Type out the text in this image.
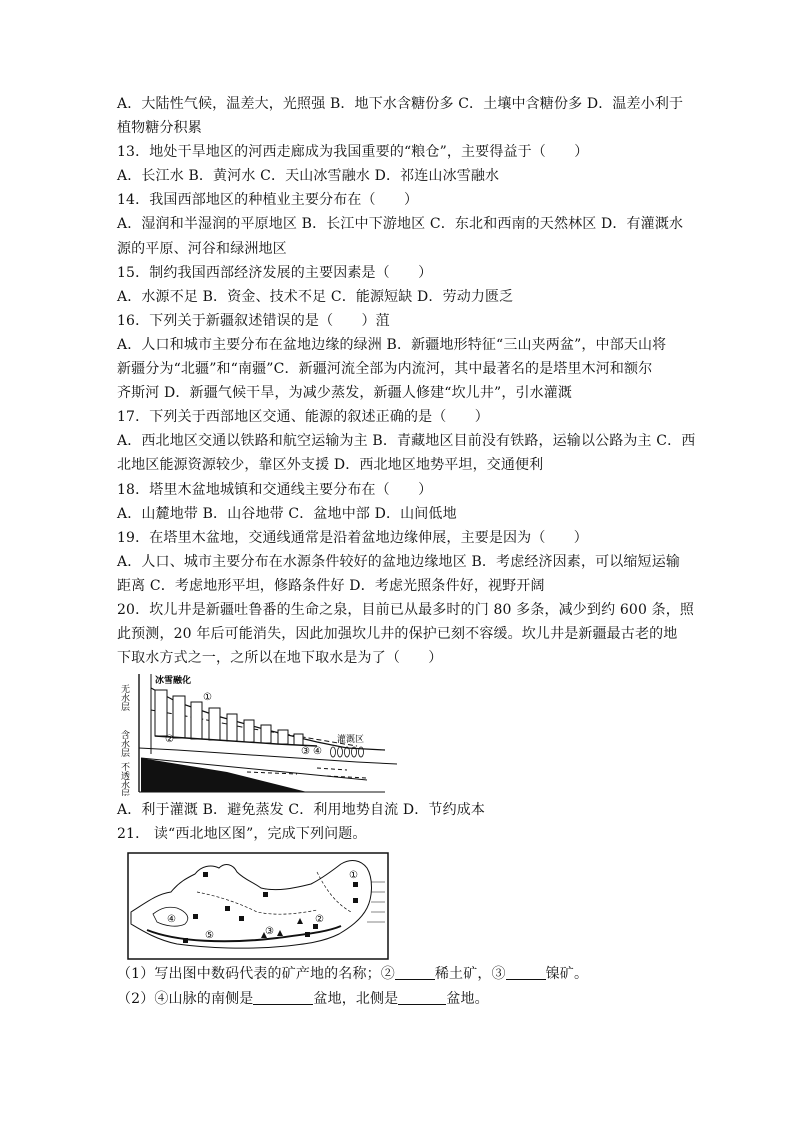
A．大陆性气候，温差大，光照强 B．地下水含糖份多 C．土壤中含糖份多 D．温差小利于
植物糖分积累
13．地处干旱地区的河西走廊成为我国重要的“粮仓”，主要得益于（　　）
A．长江水 B．黄河水 C．天山冰雪融水 D．祁连山冰雪融水
14．我国西部地区的种植业主要分布在（　　）
A．湿润和半湿润的平原地区 B．长江中下游地区 C．东北和西南的天然林区 D．有灌溉水
源的平原、河谷和绿洲地区
15．制约我国西部经济发展的主要因素是（　　）
A．水源不足 B．资金、技术不足 C．能源短缺 D．劳动力匮乏
16．下列关于新疆叙述错误的是（　　）菹
A．人口和城市主要分布在盆地边缘的绿洲 B．新疆地形特征“三山夹两盆”，中部天山将
新疆分为“北疆”和“南疆”C．新疆河流全部为内流河，其中最著名的是塔里木河和额尔
齐斯河 D．新疆气候干旱，为减少蒸发，新疆人修建“坎儿井”，引水灌溉
17．下列关于西部地区交通、能源的叙述正确的是（　　）
A．西北地区交通以铁路和航空运输为主 B．青藏地区目前没有铁路，运输以公路为主 C．西
北地区能源资源较少，靠区外支援 D．西北地区地势平坦，交通便利
18．塔里木盆地城镇和交通线主要分布在（　　）
A．山麓地带 B．山谷地带 C．盆地中部 D．山间低地
19．在塔里木盆地，交通线通常是沿着盆地边缘伸展，主要是因为（　　）
A．人口、城市主要分布在水源条件较好的盆地边缘地区 B．考虑经济因素，可以缩短运输
距离 C．考虑地形平坦，修路条件好 D．考虑光照条件好，视野开阔
20．坎儿井是新疆吐鲁番的生命之泉，目前已从最多时的门 80 多条，减少到约 600 条，照
此预测，20 年后可能消失，因此加强坎儿井的保护已刻不容缓。坎儿井是新疆最古老的地
下取水方式之一，之所以在地下取水是为了（　　）
无水层
含水层
不透水层
冰雪融化
①
②
③ ④
灌溉区
A．利于灌溉 B．避免蒸发 C．利用地势自流 D．节约成本
21． 读“西北地区图”，完成下列问题。
①
②
③
④
⑤
（1）写出图中数码代表的矿产地的名称；②	稀土矿，③	镍矿。
（2）④山脉的南侧是	盆地，北侧是	盆地。
